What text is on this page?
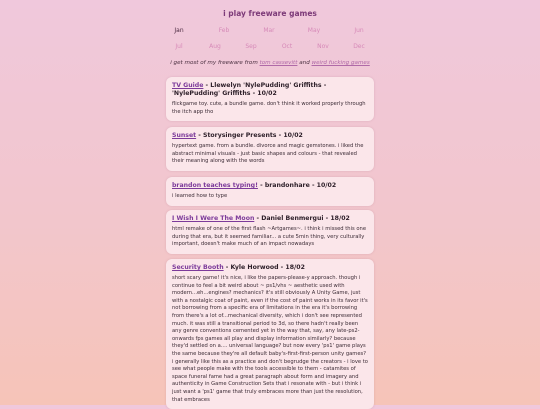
i play freeware games
Jan	Feb	Mar	May	Jun
Jul	Aug	Sep	Oct	Nov	Dec
i get most of my freeware from tom cassevitt and weird fucking games
TV Guide - Llewelyn 'NylePudding' Griffiths - 'NylePudding' Griffiths - 10/02
flickgame toy. cute, a bundle game. don't think it worked properly through the itch app tho
Sunset - Storysinger Presents - 10/02
hypertext game. from a bundle. divorce and magic gemstones. i liked the abstract minimal visuals - just basic shapes and colours - that revealed their meaning along with the words
brandon teaches typing! - brandonhare - 10/02
i learned how to type
I Wish I Were The Moon - Daniel Benmergui - 18/02
html remake of one of the first flash ~Artgames~. i think i missed this one during that era, but it seemed familiar... a cute 5min thing, very culturally important, doesn't make much of an impact nowadays
Security Booth - Kyle Horwood - 18/02
short scary game! it's nice, i like the papers-please-y approach. though i continue to feel a bit weird about ~ ps1/vhs ~ aesthetic used with modern...eh...engines? mechanics? it's still obviously A Unity Game, just with a nostalgic coat of paint, even if the cost of paint works in its favor it's not borrowing from a specific era of limitations in the era it's borrowing from there's a lot of...mechanical diversity, which i don't see represented much. it was still a transitional period to 3d, so there hadn't really been any genre conventions cemented yet in the way that, say, any late-ps2-onwards fps games all play and display information similarly? because they'd settled on a.... universal language? but now every 'ps1' game plays the same because they're all default baby's-first-first-person unity games? i generally like this as a practice and don't begrudge the creators - i love to see what people make with the tools accessible to them - catamites of space funeral fame had a great paragraph about form and imagery and authenticity in Game Construction Sets that i resonate with - but i think i just want a 'ps1' game that truly embraces more than just the resolution, that embraces
